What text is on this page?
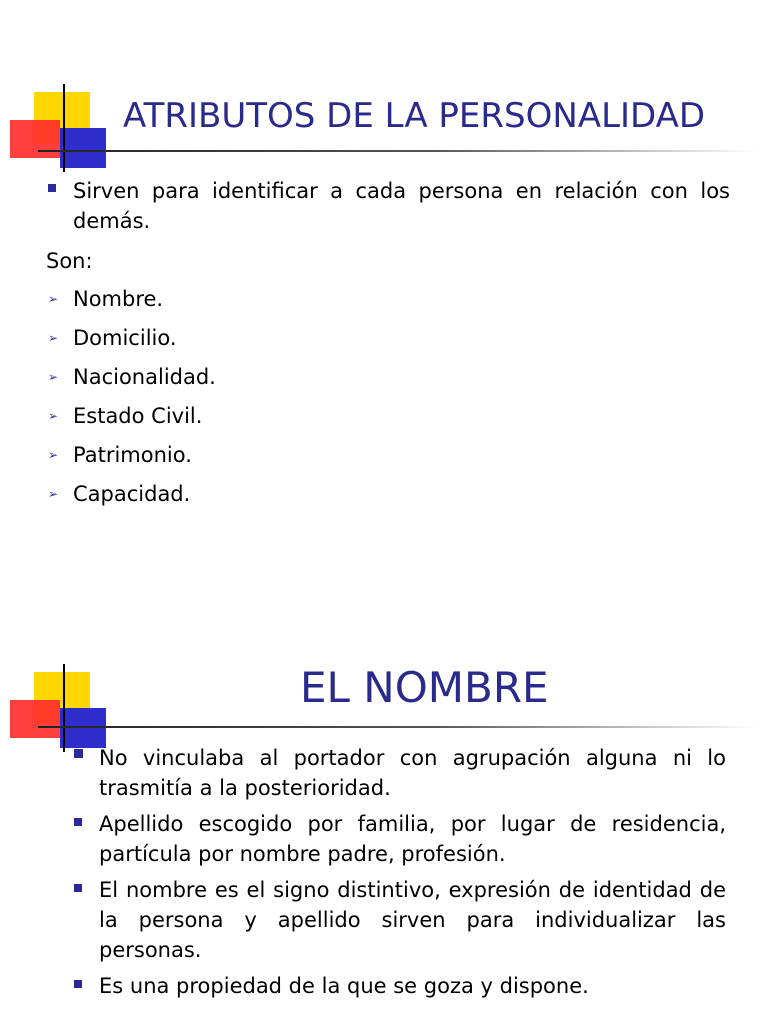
ATRIBUTOS DE LA PERSONALIDAD
Sirven para identificar a cada persona en relación con los demás.
Son:
➢ Nombre.
➢ Domicilio.
➢ Nacionalidad.
➢ Estado Civil.
➢ Patrimonio.
➢ Capacidad.
EL NOMBRE
No vinculaba al portador con agrupación alguna ni lo trasmitía a la posterioridad.
Apellido escogido por familia, por lugar de residencia, partícula por nombre padre, profesión.
El nombre es el signo distintivo, expresión de identidad de la persona y apellido sirven para individualizar las personas.
Es una propiedad de la que se goza y dispone.
